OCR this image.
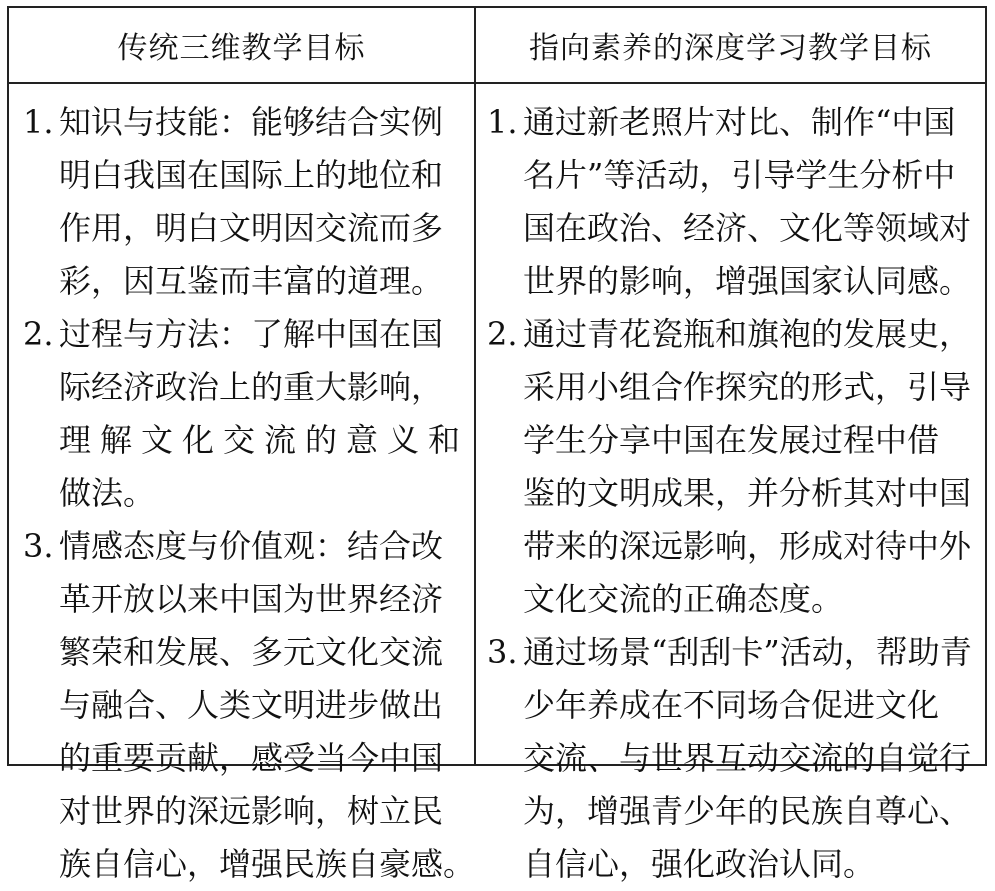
传统三维教学目标	指向素养的深度学习教学目标
1. 知识与技能：能够结合实例
明白我国在国际上的地位和
作用，明白文明因交流而多
彩，因互鉴而丰富的道理。
2. 过程与方法：了解中国在国
际经济政治上的重大影响，
理解文化交流的意义和
做法。
3. 情感态度与价值观：结合改
革开放以来中国为世界经济
繁荣和发展、多元文化交流
与融合、人类文明进步做出
的重要贡献，感受当今中国
对世界的深远影响，树立民
族自信心，增强民族自豪感。
1. 通过新老照片对比、制作“中国
名片”等活动，引导学生分析中
国在政治、经济、文化等领域对
世界的影响，增强国家认同感。
2. 通过青花瓷瓶和旗袍的发展史，
采用小组合作探究的形式，引导
学生分享中国在发展过程中借
鉴的文明成果，并分析其对中国
带来的深远影响，形成对待中外
文化交流的正确态度。
3. 通过场景“刮刮卡”活动，帮助青
少年养成在不同场合促进文化
交流、与世界互动交流的自觉行
为，增强青少年的民族自尊心、
自信心，强化政治认同。
